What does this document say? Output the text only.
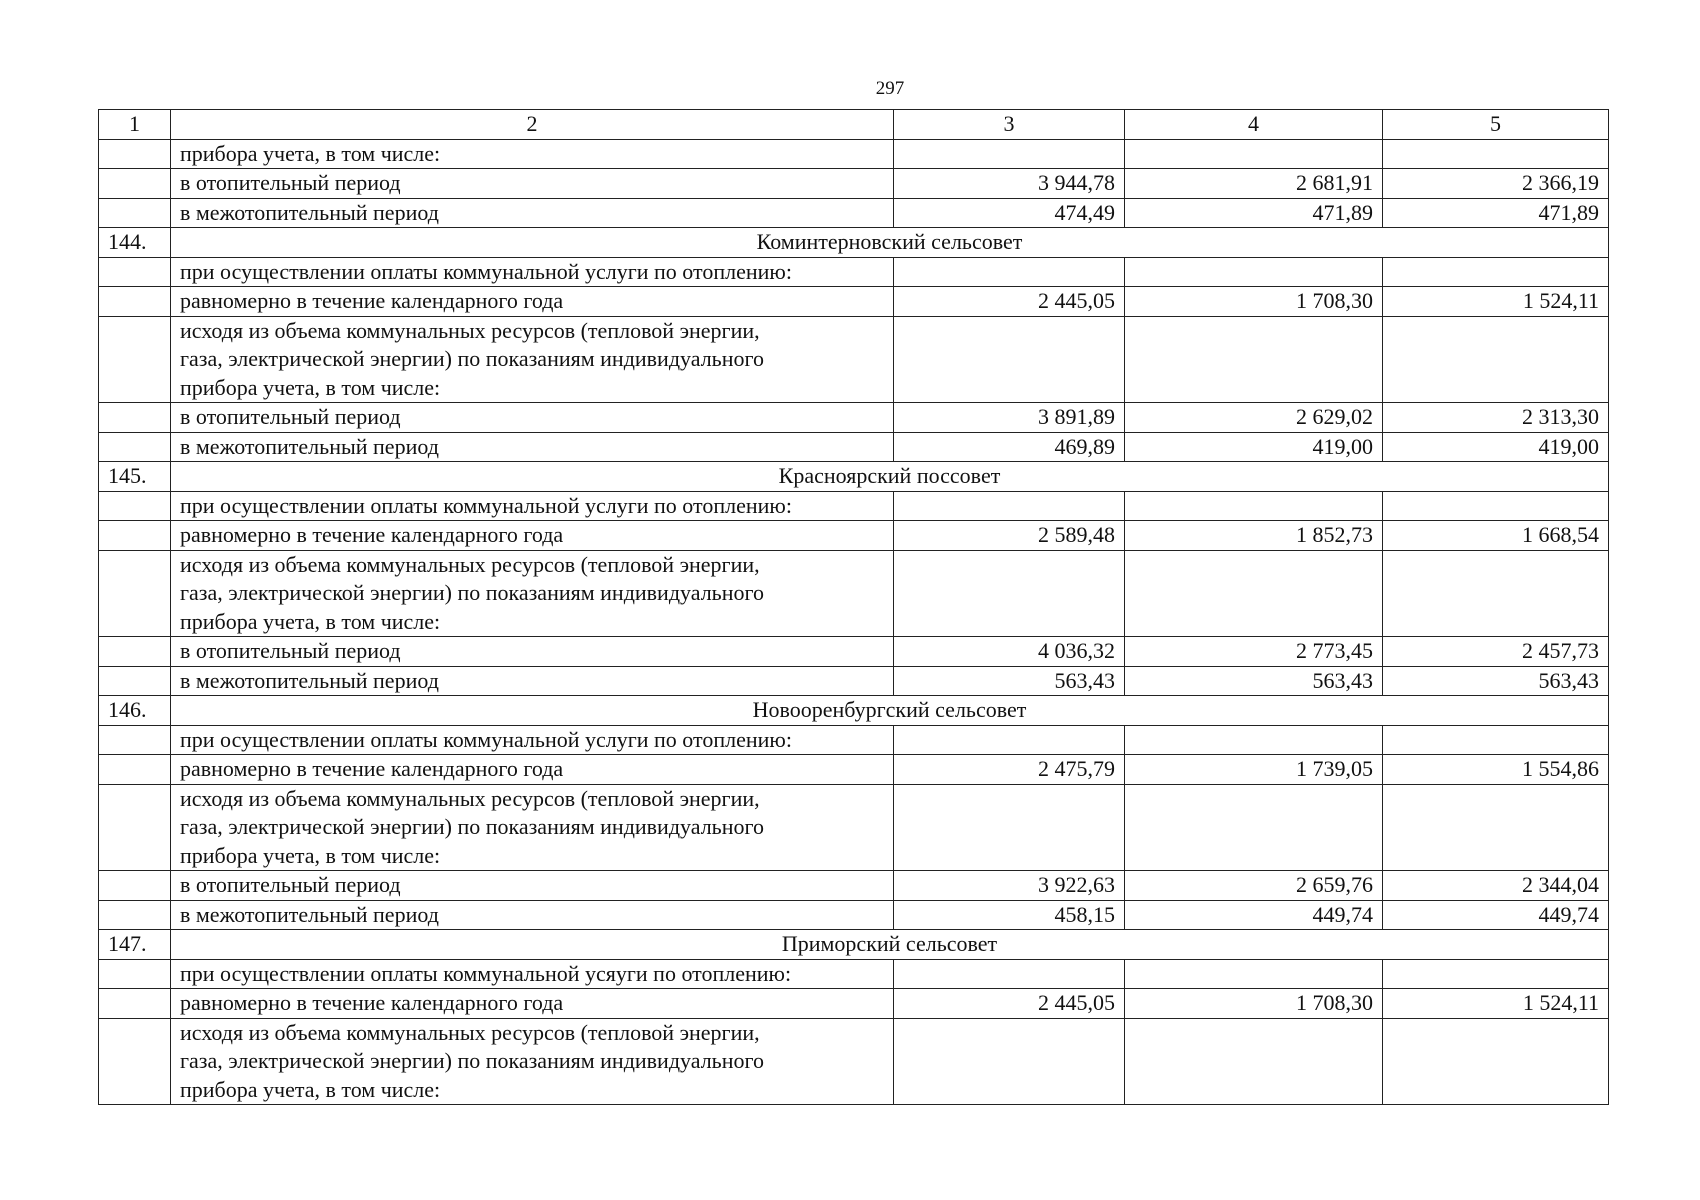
297
1	2	3	4	5
	прибора учета, в том числе:			
	в отопительный период	3 944,78	2 681,91	2 366,19
	в межотопительный период	474,49	471,89	471,89
144.	Коминтерновский сельсовет			
	при осуществлении оплаты коммунальной услуги по отоплению:			
	равномерно в течение календарного года	2 445,05	1 708,30	1 524,11

	исходя из объема коммунальных ресурсов (тепловой энергии,
газа, электрической энергии) по показаниям индивидуального
прибора учета, в том числе:			

	в отопительный период	3 891,89	2 629,02	2 313,30
	в межотопительный период	469,89	419,00	419,00
145.	Красноярский поссовет			
	при осуществлении оплаты коммунальной услуги по отоплению:			
	равномерно в течение календарного года	2 589,48	1 852,73	1 668,54

	исходя из объема коммунальных ресурсов (тепловой энергии,
газа, электрической энергии) по показаниям индивидуального
прибора учета, в том числе:			

	в отопительный период	4 036,32	2 773,45	2 457,73
	в межотопительный период	563,43	563,43	563,43
146.	Новооренбургский сельсовет			
	при осуществлении оплаты коммунальной услуги по отоплению:			
	равномерно в течение календарного года	2 475,79	1 739,05	1 554,86

	исходя из объема коммунальных ресурсов (тепловой энергии,
газа, электрической энергии) по показаниям индивидуального
прибора учета, в том числе:			

	в отопительный период	3 922,63	2 659,76	2 344,04
	в межотопительный период	458,15	449,74	449,74
147.	Приморский сельсовет			
	при осуществлении оплаты коммунальной усяуги по отоплению:			
	равномерно в течение календарного года	2 445,05	1 708,30	1 524,11

	исходя из объема коммунальных ресурсов (тепловой энергии,
газа, электрической энергии) по показаниям индивидуального
прибора учета, в том числе:			
